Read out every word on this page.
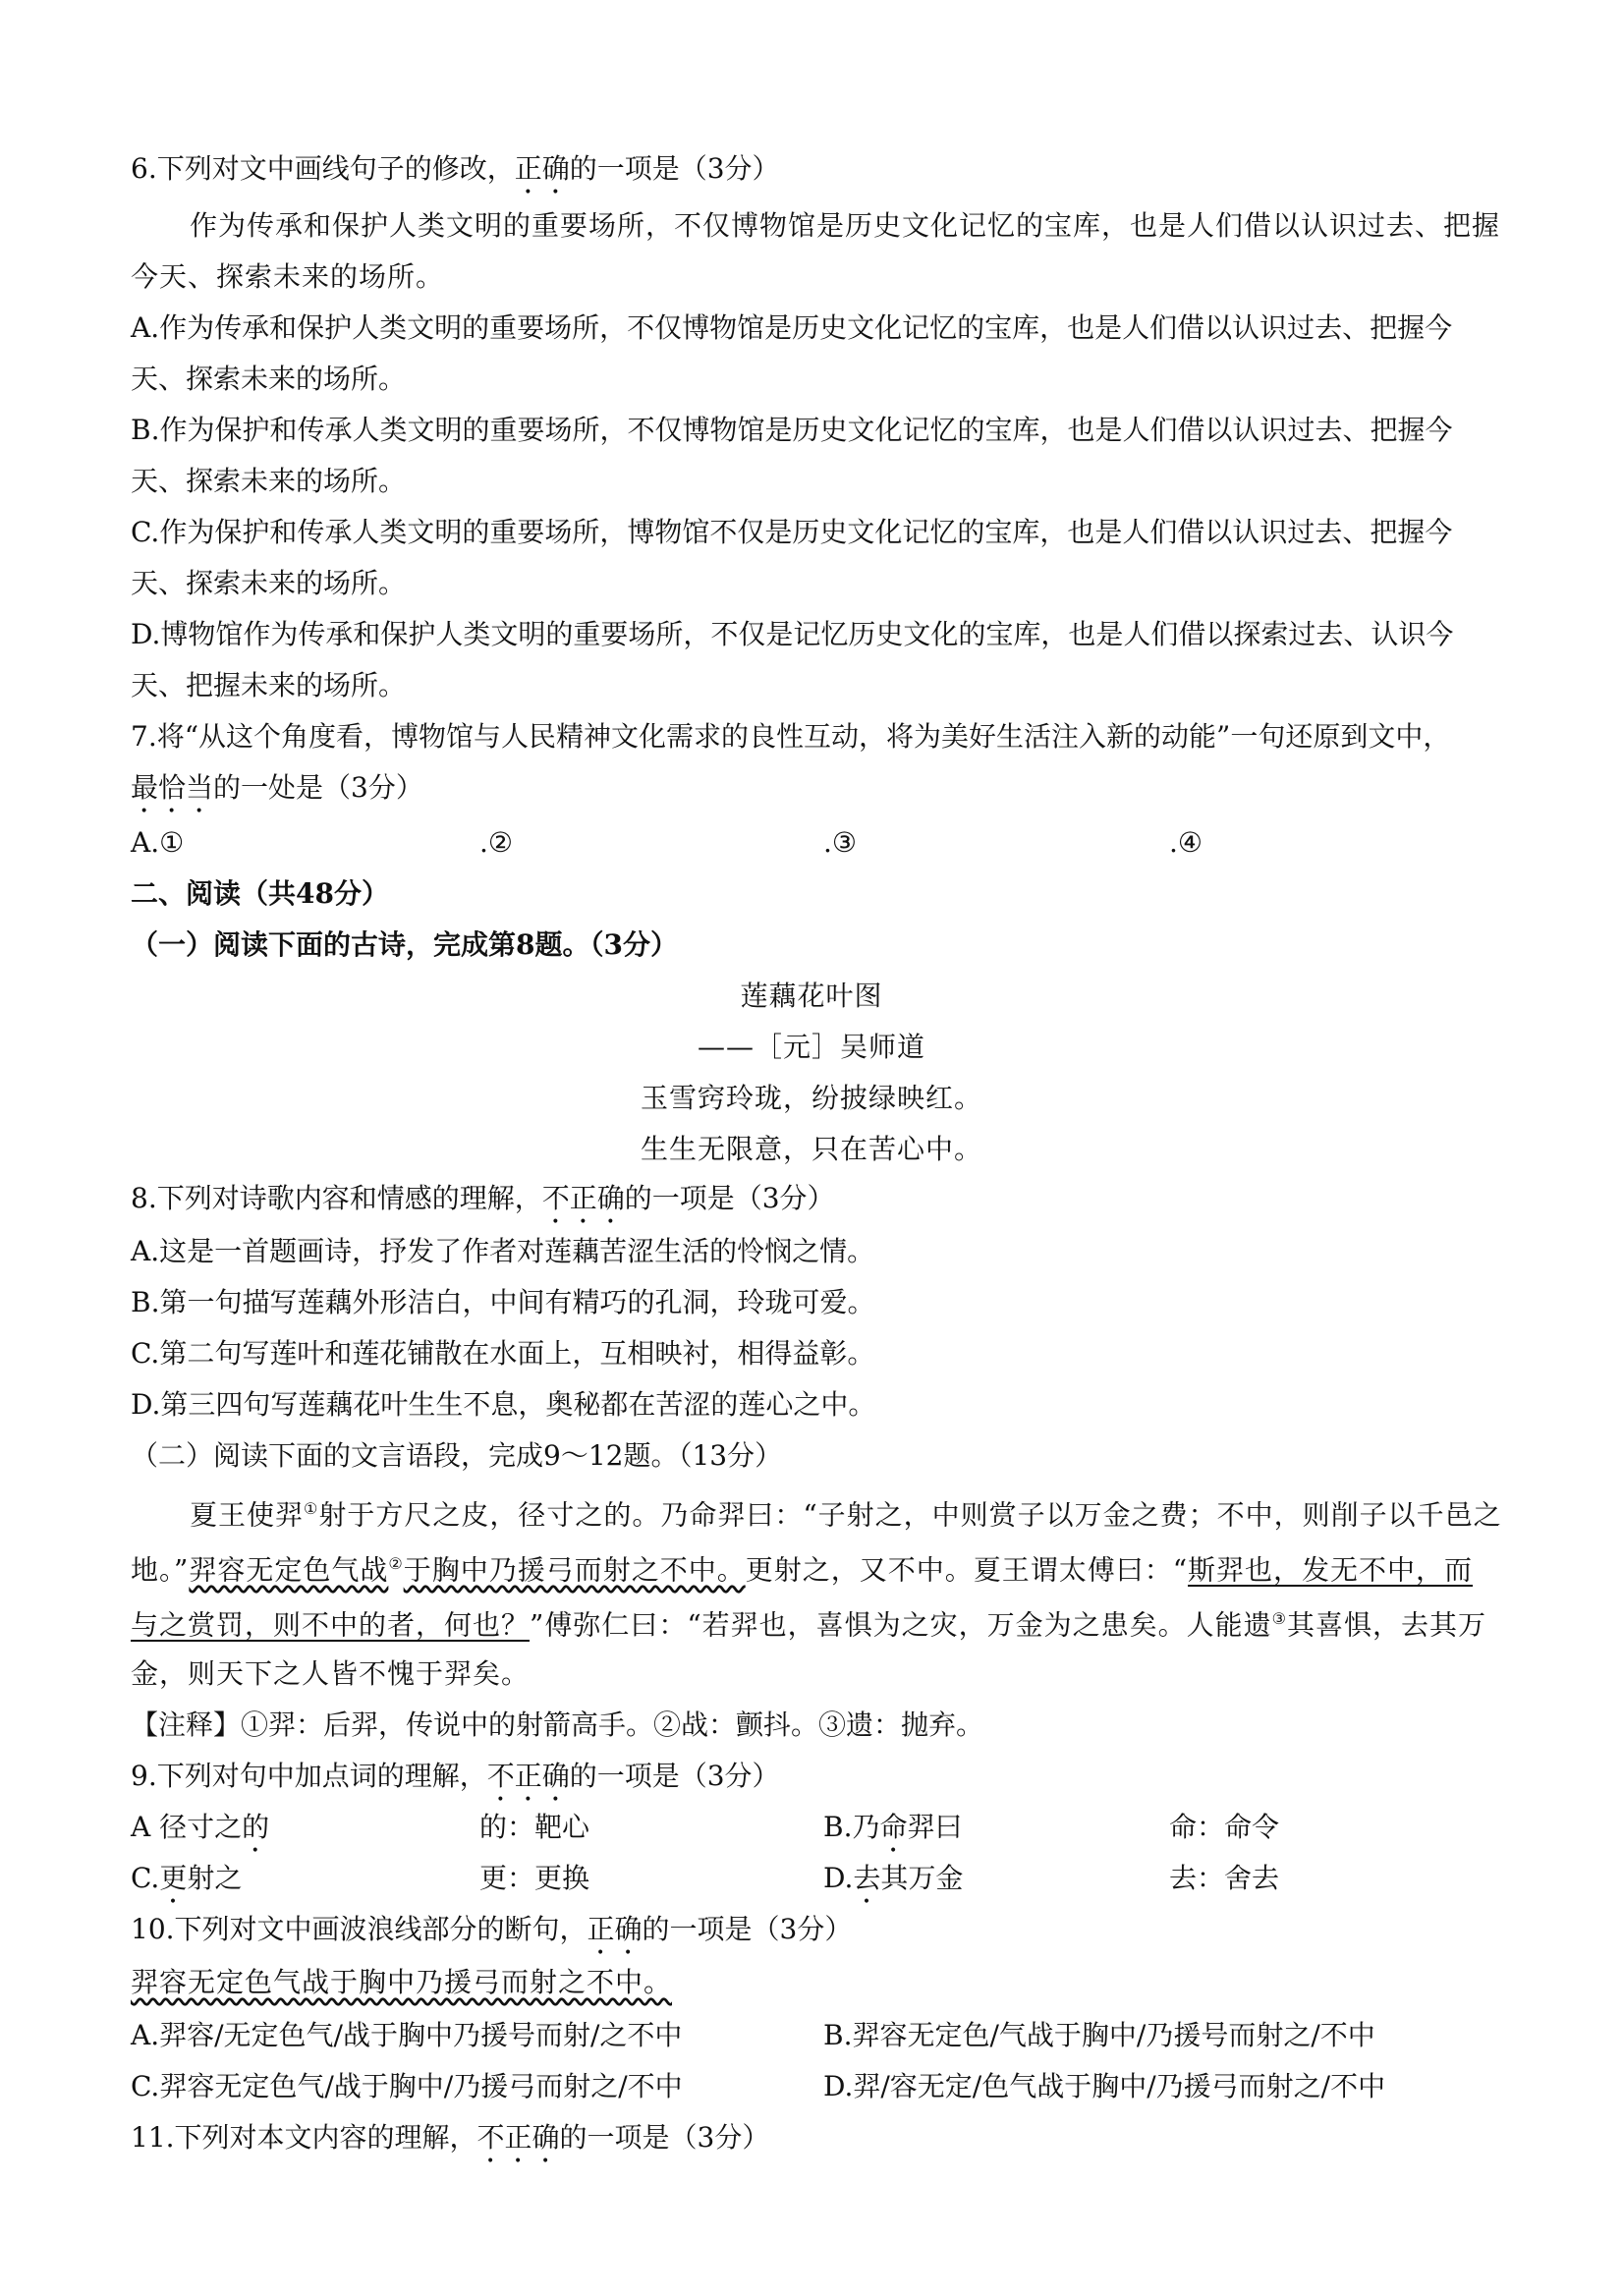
6.下列对文中画线句子的修改，正确的一项是（3分）
作为传承和保护人类文明的重要场所，不仅博物馆是历史文化记忆的宝库，也是人们借以认识过去、把握
今天、探索未来的场所。
A.作为传承和保护人类文明的重要场所，不仅博物馆是历史文化记忆的宝库，也是人们借以认识过去、把握今
天、探索未来的场所。
B.作为保护和传承人类文明的重要场所，不仅博物馆是历史文化记忆的宝库，也是人们借以认识过去、把握今
天、探索未来的场所。
C.作为保护和传承人类文明的重要场所，博物馆不仅是历史文化记忆的宝库，也是人们借以认识过去、把握今
天、探索未来的场所。
D.博物馆作为传承和保护人类文明的重要场所，不仅是记忆历史文化的宝库，也是人们借以探索过去、认识今
天、把握未来的场所。
7.将“从这个角度看，博物馆与人民精神文化需求的良性互动，将为美好生活注入新的动能”一句还原到文中，
最恰当的一处是（3分）
A.①	.②	.③	.④
二、阅读（共48分）
（一）阅读下面的古诗，完成第8题。（3分）
莲藕花叶图
——［元］吴师道
玉雪窍玲珑，纷披绿映红。
生生无限意，只在苦心中。
8.下列对诗歌内容和情感的理解，不正确的一项是（3分）
A.这是一首题画诗，抒发了作者对莲藕苦涩生活的怜悯之情。
B.第一句描写莲藕外形洁白，中间有精巧的孔洞，玲珑可爱。
C.第二句写莲叶和莲花铺散在水面上，互相映衬，相得益彰。
D.第三四句写莲藕花叶生生不息，奥秘都在苦涩的莲心之中。
（二）阅读下面的文言语段，完成9～12题。（13分）
夏王使羿①射于方尺之皮，径寸之的。乃命羿曰：“子射之，中则赏子以万金之费；不中，则削子以千邑之
地。”羿容无定色气战②于胸中乃援弓而射之不中。更射之，又不中。夏王谓太傅曰：“斯羿也，发无不中，而
与之赏罚，则不中的者，何也？”傅弥仁曰：“若羿也，喜惧为之灾，万金为之患矣。人能遗③其喜惧，去其万
金，则天下之人皆不愧于羿矣。
【注释】①羿：后羿，传说中的射箭高手。②战：颤抖。③遗：抛弃。
9.下列对句中加点词的理解，不正确的一项是（3分）
A 径寸之的	的：靶心	B.乃命羿曰	命：命令
C.更射之	更：更换	D.去其万金	去：舍去
10.下列对文中画波浪线部分的断句，正确的一项是（3分）
羿容无定色气战于胸中乃援弓而射之不中。
A.羿容/无定色气/战于胸中乃援号而射/之不中	B.羿容无定色/气战于胸中/乃援号而射之/不中
C.羿容无定色气/战于胸中/乃援弓而射之/不中	D.羿/容无定/色气战于胸中/乃援弓而射之/不中
11.下列对本文内容的理解，不正确的一项是（3分）
